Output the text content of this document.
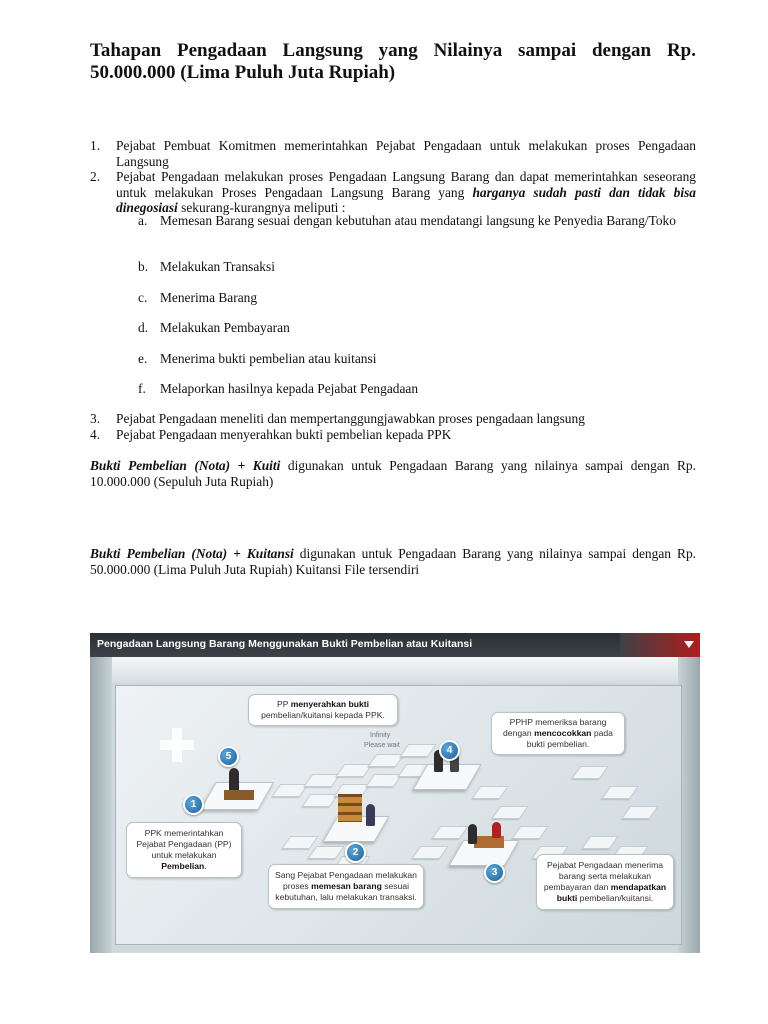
Tahapan Pengadaan Langsung yang Nilainya sampai dengan Rp. 50.000.000 (Lima Puluh Juta Rupiah)
1. Pejabat Pembuat Komitmen memerintahkan Pejabat Pengadaan untuk melakukan proses Pengadaan Langsung
2. Pejabat Pengadaan melakukan proses Pengadaan Langsung Barang dan dapat memerintahkan seseorang untuk melakukan Proses Pengadaan Langsung Barang yang harganya sudah pasti dan tidak bisa dinegosiasi sekurang-kurangnya meliputi :
a. Memesan Barang sesuai dengan kebutuhan atau mendatangi langsung ke Penyedia Barang/Toko
b. Melakukan Transaksi
c. Menerima Barang
d. Melakukan Pembayaran
e. Menerima bukti pembelian atau kuitansi
f. Melaporkan hasilnya kepada Pejabat Pengadaan
3. Pejabat Pengadaan meneliti dan mempertanggungjawabkan proses pengadaan langsung
4. Pejabat Pengadaan menyerahkan bukti pembelian kepada PPK
Bukti Pembelian (Nota) + Kuiti digunakan untuk Pengadaan Barang yang nilainya sampai dengan Rp. 10.000.000 (Sepuluh Juta Rupiah)
Bukti Pembelian (Nota) + Kuitansi digunakan untuk Pengadaan Barang yang nilainya sampai dengan Rp. 50.000.000 (Lima Puluh Juta Rupiah) Kuitansi File tersendiri
Pengadaan Langsung Barang Menggunakan Bukti Pembelian atau Kuitansi
Infinity
Please wait
1
2
3
4
5
PP menyerahkan bukti
pembelian/kuitansi kepada PPK.
PPHP memeriksa barang dengan mencocokkan pada bukti pembelian.
PPK memerintahkan Pejabat Pengadaan (PP) untuk melakukan Pembelian.
Sang Pejabat Pengadaan melakukan proses memesan barang sesuai kebutuhan, lalu melakukan transaksi.
Pejabat Pengadaan menerima barang serta melakukan pembayaran dan mendapatkan bukti pembelian/kuitansi.
